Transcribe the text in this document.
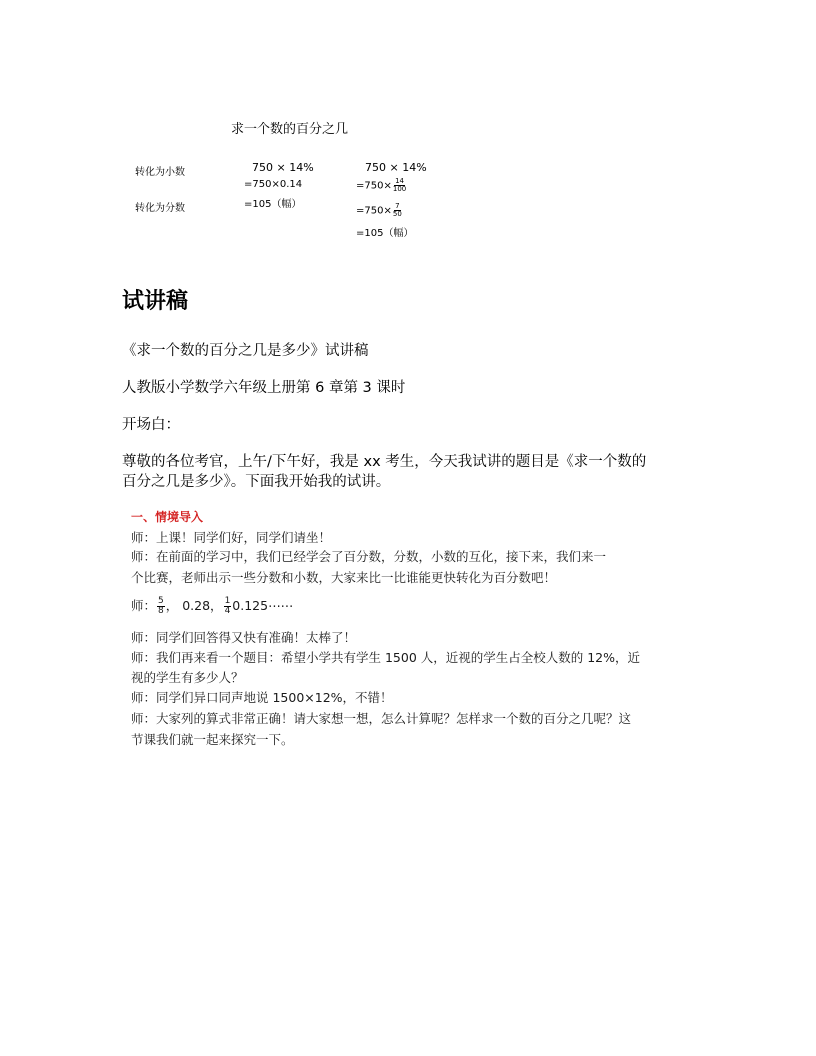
求一个数的百分之几
转化为小数
转化为分数
750 × 14%
=750×0.14
=105（幅）
750 × 14%
$=750\times \frac{14}{100}$
$=750\times \frac{7}{50}$
=105（幅）
试讲稿
《求一个数的百分之几是多少》试讲稿
人教版小学数学六年级上册第 6 章第 3 课时
开场白：
尊敬的各位考官，上午/下午好，我是 xx 考生，今天我试讲的题目是《求一个数的
百分之几是多少》。下面我开始我的试讲。
一、情境导入
师：上课！同学们好，同学们请坐！
师：在前面的学习中，我们已经学会了百分数，分数，小数的互化，接下来，我们来一
个比赛，老师出示一些分数和小数，大家来比一比谁能更快转化为百分数吧！
师： $\frac{5}{8}$ ， 0.28， $\frac{1}{4}$ 0.125⋯⋯
师：同学们回答得又快有准确！太棒了！
师：我们再来看一个题目：希望小学共有学生 1500 人，近视的学生占全校人数的 12%，近
视的学生有多少人？
师：同学们异口同声地说 1500×12%，不错！
师：大家列的算式非常正确！请大家想一想，怎么计算呢？怎样求一个数的百分之几呢？这
节课我们就一起来探究一下。
